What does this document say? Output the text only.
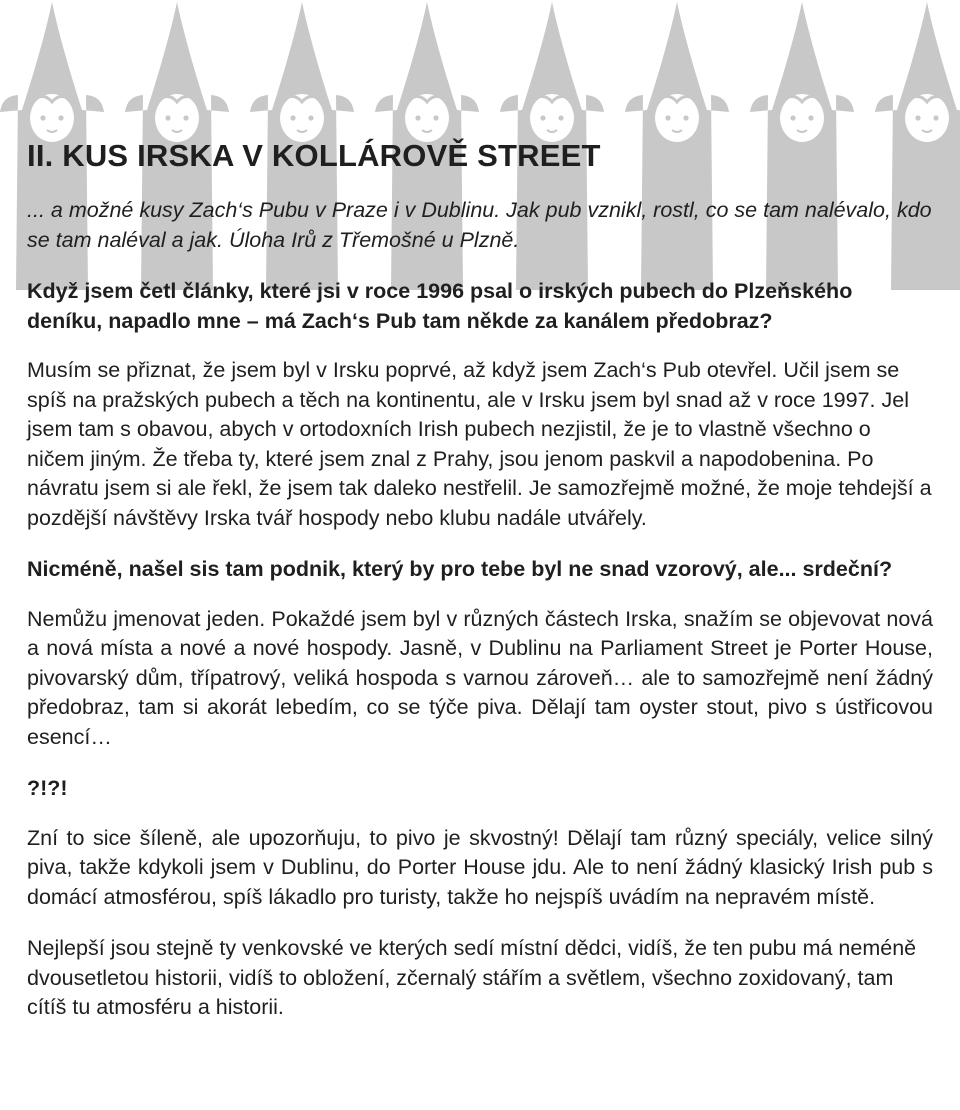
II. KUS IRSKA V KOLLÁROVĚ STREET

... a možné kusy Zach‘s Pubu v Praze i v Dublinu. Jak pub vznikl, rostl, co se tam nalévalo, kdo se tam naléval a jak. Úloha Irů z Třemošné u Plzně.

Když jsem četl články, které jsi v roce 1996 psal o irských pubech do Plzeňského deníku, napadlo mne – má Zach‘s Pub tam někde za kanálem předobraz?

Musím se přiznat, že jsem byl v Irsku poprvé, až když jsem Zach‘s Pub otevřel. Učil jsem se spíš na pražských pubech a těch na kontinentu, ale v Irsku jsem byl snad až v roce 1997. Jel jsem tam s obavou, abych v ortodoxních Irish pubech nezjistil, že je to vlastně všechno o ničem jiným. Že třeba ty, které jsem znal z Prahy, jsou jenom paskvil a napodobenina. Po návratu jsem si ale řekl, že jsem tak daleko nestřelil. Je samozřejmě možné, že moje tehdejší a pozdější návštěvy Irska tvář hospody nebo klubu nadále utvářely.

Nicméně, našel sis tam podnik, který by pro tebe byl ne snad vzorový, ale... srdeční?

Nemůžu jmenovat jeden. Pokaždé jsem byl v různých částech Irska, snažím se objevovat nová a nová místa a nové a nové hospody. Jasně, v Dublinu na Parliament Street je Porter House, pivovarský dům, třípatrový, veliká hospoda s varnou zároveň… ale to samozřejmě není žádný předobraz, tam si akorát lebedím, co se týče piva. Dělají tam oyster stout, pivo s ústřicovou esencí…

?!?!

Zní to sice šíleně, ale upozorňuju, to pivo je skvostný! Dělají tam různý speciály, velice silný piva, takže kdykoli jsem v Dublinu, do Porter House jdu. Ale to není žádný klasický Irish pub s domácí atmosférou, spíš lákadlo pro turisty, takže ho nejspíš uvádím na nepravém místě.

Nejlepší jsou stejně ty venkovské ve kterých sedí místní dědci, vidíš, že ten pubu má neméně dvousetletou historii, vidíš to obložení, zčernalý stářím a světlem, všechno zoxidovaný, tam cítíš tu atmosféru a historii.
